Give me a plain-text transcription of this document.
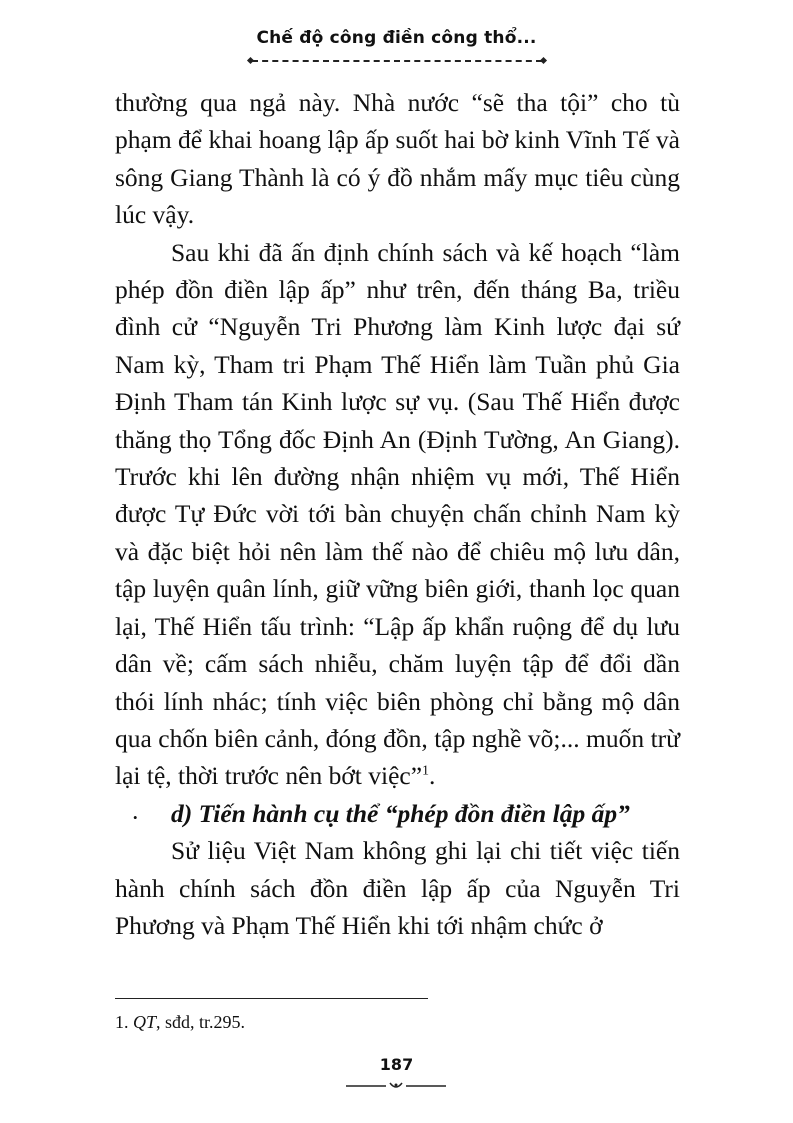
Chế độ công điền công thổ...

thường qua ngả này. Nhà nước “sẽ tha tội” cho tù phạm để khai hoang lập ấp suốt hai bờ kinh Vĩnh Tế và sông Giang Thành là có ý đồ nhắm mấy mục tiêu cùng lúc vậy.

Sau khi đã ấn định chính sách và kế hoạch “làm phép đồn điền lập ấp” như trên, đến tháng Ba, triều đình cử “Nguyễn Tri Phương làm Kinh lược đại sứ Nam kỳ, Tham tri Phạm Thế Hiển làm Tuần phủ Gia Định Tham tán Kinh lược sự vụ. (Sau Thế Hiển được thăng thọ Tổng đốc Định An (Định Tường, An Giang). Trước khi lên đường nhận nhiệm vụ mới, Thế Hiển được Tự Đức vời tới bàn chuyện chấn chỉnh Nam kỳ và đặc biệt hỏi nên làm thế nào để chiêu mộ lưu dân, tập luyện quân lính, giữ vững biên giới, thanh lọc quan lại, Thế Hiển tấu trình: “Lập ấp khẩn ruộng để dụ lưu dân về; cấm sách nhiễu, chăm luyện tập để đổi dần thói lính nhác; tính việc biên phòng chỉ bằng mộ dân qua chốn biên cảnh, đóng đồn, tập nghề võ;... muốn trừ lại tệ, thời trước nên bớt việc”$^1$.

· d) Tiến hành cụ thể “phép đồn điền lập ấp”

Sử liệu Việt Nam không ghi lại chi tiết việc tiến hành chính sách đồn điền lập ấp của Nguyễn Tri Phương và Phạm Thế Hiển khi tới nhậm chức ở

1. QT, sđd, tr.295.
187
